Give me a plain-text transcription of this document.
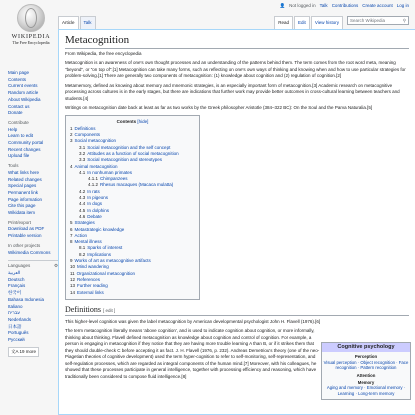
WIKIPEDIA
The Free Encyclopedia
👤 Not logged in Talk Contributions Create account Log in
Article	Talk	Read	Edit	View history	Search Wikipedia	⚲
Main page
Contents
Current events
Random article
About Wikipedia
Contact us
Donate
Contribute
Help
Learn to edit
Community portal
Recent changes
Upload file
Tools
What links here
Related changes
Special pages
Permanent link
Page information
Cite this page
Wikidata item
Print/export
Download as PDF
Printable version
In other projects
Wikimedia Commons
Languages	⚙
العربية
Deutsch
Français
한국어
Bahasa Indonesia
Italiano
עברית
Nederlands
日本語
Português
Русский
文A 19 more
Metacognition
From Wikipedia, the free encyclopedia

Metacognition is an awareness of one's own thought processes and an understanding of the patterns behind them. The term comes from the root word meta, meaning "beyond", or "on top of".[1] Metacognition can take many forms, such as reflecting on one's own ways of thinking and knowing when and how to use particular strategies for problem-solving.[1] There are generally two components of metacognition: (1) knowledge about cognition and (2) regulation of cognition.[2]

Metamemory, defined as knowing about memory and mnemonic strategies, is an especially important form of metacognition.[3] Academic research on metacognitive processing across cultures is in the early stages, but there are indications that further work may provide better outcomes in cross-cultural learning between teachers and students.[4]

Writings on metacognition date back at least as far as two works by the Greek philosopher Aristotle (384–322 BC): On the Soul and the Parva Naturalia.[5]

Contents [hide]
1 Definitions
2 Components
3 Social metacognition
3.1 Social metacognition and the self concept
3.2 Attitudes as a function of social metacognition
3.3 Social metacognition and stereotypes
4 Animal metacognition
4.1 In nonhuman primates
4.1.1 Chimpanzees
4.1.2 Rhesus macaques (Macaca mulatta)
4.2 In rats
4.3 In pigeons
4.4 In dogs
4.5 In dolphins
4.6 Debate
5 Strategies
6 Metastrategic knowledge
7 Action
8 Mental illness
8.1 Sparks of interest
8.2 Implications
9 Works of art as metacognitive artifacts
10 Mind wandering
11 Organizational metacognition
12 References
13 Further reading
14 External links
Definitions [ edit ]

This higher-level cognition was given the label metacognition by American developmental psychologist John H. Flavell (1976).[6]

The term metacognition literally means 'above cognition', and is used to indicate cognition about cognition, or more informally, thinking about thinking. Flavell defined metacognition as knowledge about cognition and control of cognition. For example, a person is engaging in metacognition if they notice that they are having more trouble learning A than B, or if it strikes them that they should double-check C before accepting it as fact. J. H. Flavell (1976, p. 232). Andreas Demetriou's theory (one of the neo-Piagetian theories of cognitive development) used the term hyper-cognition to refer to self-monitoring, self-representation, and self-regulation processes, which are regarded as integral components of the human mind.[7] Moreover, with his colleagues, he showed that these processes participate in general intelligence, together with processing efficiency and reasoning, which have traditionally been considered to compose fluid intelligence.[8]

Cognitive psychology
Perception
Visual perception · Object recognition · Face recognition · Pattern recognition
Attention
Memory
Aging and memory · Emotional memory · Learning · Long-term memory
